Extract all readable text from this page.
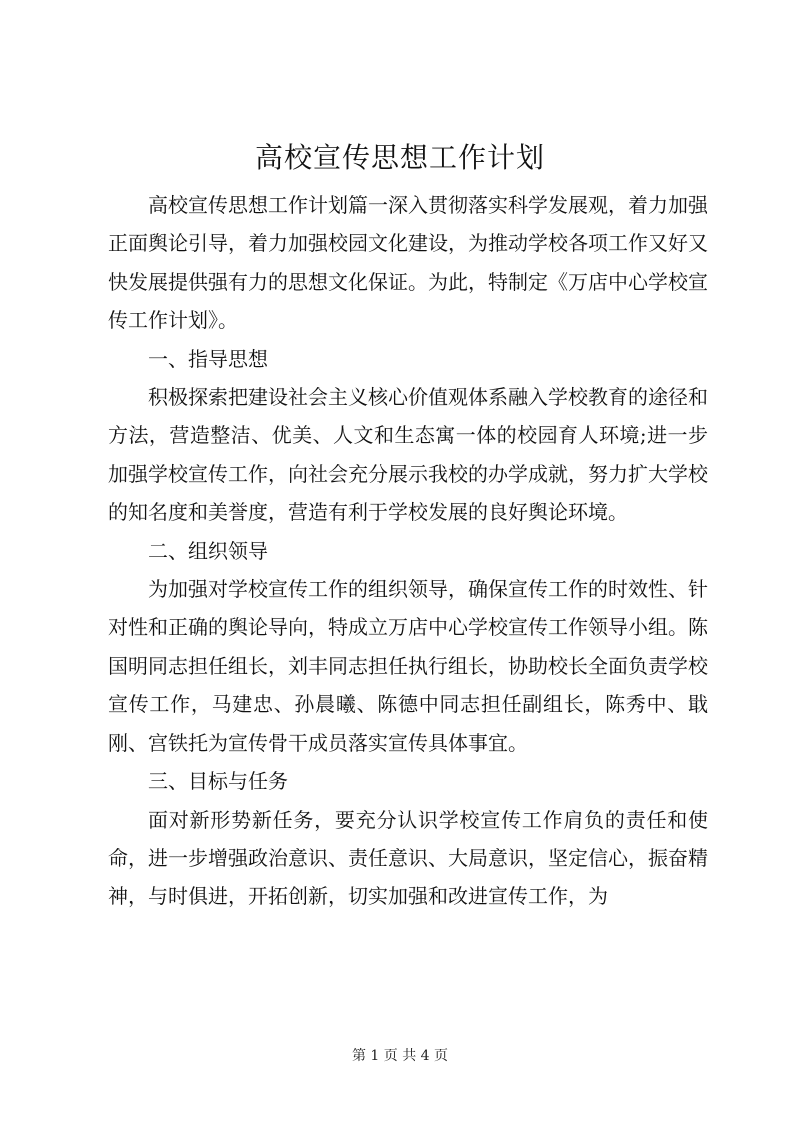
高校宣传思想工作计划

高校宣传思想工作计划篇一深入贯彻落实科学发展观，着力加强正面舆论引导，着力加强校园文化建设，为推动学校各项工作又好又快发展提供强有力的思想文化保证。为此，特制定《万店中心学校宣传工作计划》。

一、指导思想

积极探索把建设社会主义核心价值观体系融入学校教育的途径和方法，营造整洁、优美、人文和生态寓一体的校园育人环境;进一步加强学校宣传工作，向社会充分展示我校的办学成就，努力扩大学校的知名度和美誉度，营造有利于学校发展的良好舆论环境。

二、组织领导

为加强对学校宣传工作的组织领导，确保宣传工作的时效性、针对性和正确的舆论导向，特成立万店中心学校宣传工作领导小组。陈国明同志担任组长，刘丰同志担任执行组长，协助校长全面负责学校宣传工作，马建忠、孙晨曦、陈德中同志担任副组长，陈秀中、戢刚、宫铁托为宣传骨干成员落实宣传具体事宜。

三、目标与任务

面对新形势新任务，要充分认识学校宣传工作肩负的责任和使命，进一步增强政治意识、责任意识、大局意识，坚定信心，振奋精神，与时俱进，开拓创新，切实加强和改进宣传工作，为

第 1 页 共 4 页
